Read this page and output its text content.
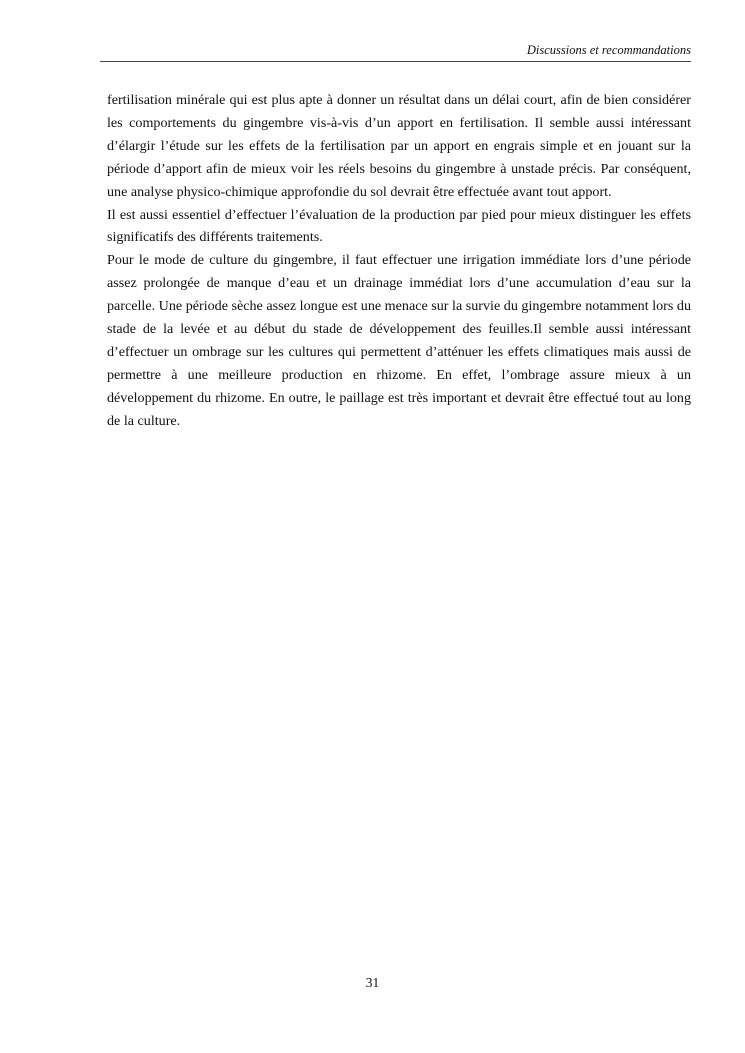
Discussions et recommandations

fertilisation minérale qui est plus apte à donner un résultat dans un délai court, afin de bien considérer les comportements du gingembre vis-à-vis d’un apport en fertilisation. Il semble aussi intéressant d’élargir l’étude sur les effets de la fertilisation par un apport en engrais simple et en jouant sur la période d’apport afin de mieux voir les réels besoins du gingembre à unstade précis. Par conséquent, une analyse physico-chimique approfondie du sol devrait être effectuée avant tout apport.

Il est aussi essentiel d’effectuer l’évaluation de la production par pied pour mieux distinguer les effets significatifs des différents traitements.

Pour le mode de culture du gingembre, il faut effectuer une irrigation immédiate lors d’une période assez prolongée de manque d’eau et un drainage immédiat lors d’une accumulation d’eau sur la parcelle. Une période sèche assez longue est une menace sur la survie du gingembre notamment lors du stade de la levée et au début du stade de développement des feuilles.Il semble aussi intéressant d’effectuer un ombrage sur les cultures qui permettent d’atténuer les effets climatiques mais aussi de permettre à une meilleure production en rhizome. En effet, l’ombrage assure mieux à un développement du rhizome. En outre, le paillage est très important et devrait être effectué tout au long de la culture.

31
